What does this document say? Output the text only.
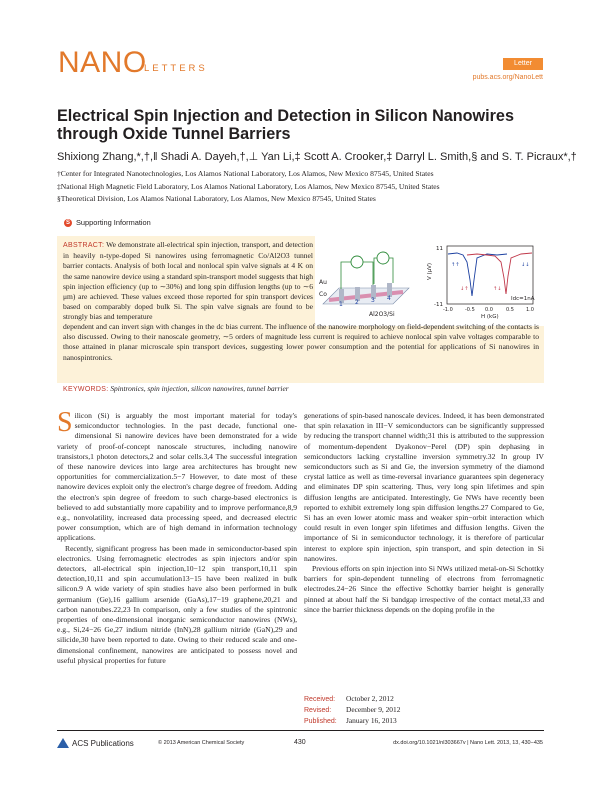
NANO
LETTERS	Letter
pubs.acs.org/NanoLett
Electrical Spin Injection and Detection in Silicon Nanowires through Oxide Tunnel Barriers
Shixiong Zhang,*,†,‖ Shadi A. Dayeh,†,⊥ Yan Li,‡ Scott A. Crooker,‡ Darryl L. Smith,§ and S. T. Picraux*,†
†Center for Integrated Nanotechnologies, Los Alamos National Laboratory, Los Alamos, New Mexico 87545, United States
‡National High Magnetic Field Laboratory, Los Alamos National Laboratory, Los Alamos, New Mexico 87545, United States
§Theoretical Division, Los Alamos National Laboratory, Los Alamos, New Mexico 87545, United States
S Supporting Information
ABSTRACT: We demonstrate all-electrical spin injection, transport, and detection in heavily n-type-doped Si nanowires using ferromagnetic Co/Al2O3 tunnel barrier contacts. Analysis of both local and nonlocal spin valve signals at 4 K on the same nanowire device using a standard spin-transport model suggests that high spin injection efficiency (up to ∼30%) and long spin diffusion lengths (up to ∼6 μm) are achieved. These values exceed those reported for spin transport devices based on comparably doped bulk Si. The spin valve signals are found to be strongly bias and temperature
1 2 3 4
Au
Co
Al2O3/Si
11
-11
V (μV)
-1.0 -0.5 0.0	0.5 1.0
H (kG)
↓↑	↑↓
↑↑	↓↓
Idc=1nA
dependent and can invert sign with changes in the dc bias current. The influence of the nanowire morphology on field-dependent switching of the contacts is also discussed. Owing to their nanoscale geometry, ∼5 orders of magnitude less current is required to achieve nonlocal spin valve voltages comparable to those attained in planar microscale spin transport devices, suggesting lower power consumption and the potential for applications of Si nanowires in nanospintronics.
KEYWORDS: Spintronics, spin injection, silicon nanowires, tunnel barrier

Silicon (Si) is arguably the most important material for today's semiconductor technologies. In the past decade, functional one-dimensional Si nanowire devices have been demonstrated for a wide variety of proof-of-concept nanoscale structures, including nanowire transistors,1 photon detectors,2 and solar cells.3,4 The successful integration of these nanowire devices into large area architectures has brought new opportunities for commercialization.5−7 However, to date most of these nanowire devices exploit only the electron's charge degree of freedom. Adding the electron's spin degree of freedom to such charge-based electronics is believed to add substantially more capability and to improve performance,8,9 e.g., nonvolatility, increased data processing speed, and decreased electric power consumption, which are of high demand in information technology applications.

Recently, significant progress has been made in semiconductor-based spin electronics. Using ferromagnetic electrodes as spin injectors and/or spin detectors, all-electrical spin injection,10−12 spin transport,10,11 spin detection,10,11 and spin accumulation13−15 have been realized in bulk silicon.9 A wide variety of spin studies have also been performed in bulk germanium (Ge),16 gallium arsenide (GaAs),17−19 graphene,20,21 and carbon nanotubes.22,23 In comparison, only a few studies of the spintronic properties of one-dimensional inorganic semiconductor nanowires (NWs), e.g., Si,24−26 Ge,27 indium nitride (InN),28 gallium nitride (GaN),29 and silicide,30 have been reported to date. Owing to their reduced scale and one-dimensional confinement, nanowires are anticipated to possess novel and useful physical properties for future

generations of spin-based nanoscale devices. Indeed, it has been demonstrated that spin relaxation in III−V semiconductors can be significantly suppressed by reducing the transport channel width;31 this is attributed to the suppression of momentum-dependent Dyakonov−Perel (DP) spin dephasing in semiconductors lacking crystalline inversion symmetry.32 In group IV semiconductors such as Si and Ge, the inversion symmetry of the diamond crystal lattice as well as time-reversal invariance guarantees spin degeneracy and eliminates DP spin scattering. Thus, very long spin lifetimes and spin diffusion lengths are anticipated. Interestingly, Ge NWs have recently been reported to exhibit extremely long spin diffusion lengths.27 Compared to Ge, Si has an even lower atomic mass and weaker spin−orbit interaction which could result in even longer spin lifetimes and diffusion lengths. Given the importance of Si in semiconductor technology, it is therefore of particular interest to explore spin injection, spin transport, and spin detection in Si nanowires.

Previous efforts on spin injection into Si NWs utilized metal-on-Si Schottky barriers for spin-dependent tunneling of electrons from ferromagnetic electrodes.24−26 Since the effective Schottky barrier height is generally pinned at about half the Si bandgap irrespective of the contact metal,33 and since the barrier thickness depends on the doping profile in the

Received: October 2, 2012
Revised: December 9, 2012
Published: January 16, 2013
ACS Publications	© 2013 American Chemical Society	430	dx.doi.org/10.1021/nl303667v | Nano Lett. 2013, 13, 430−435
